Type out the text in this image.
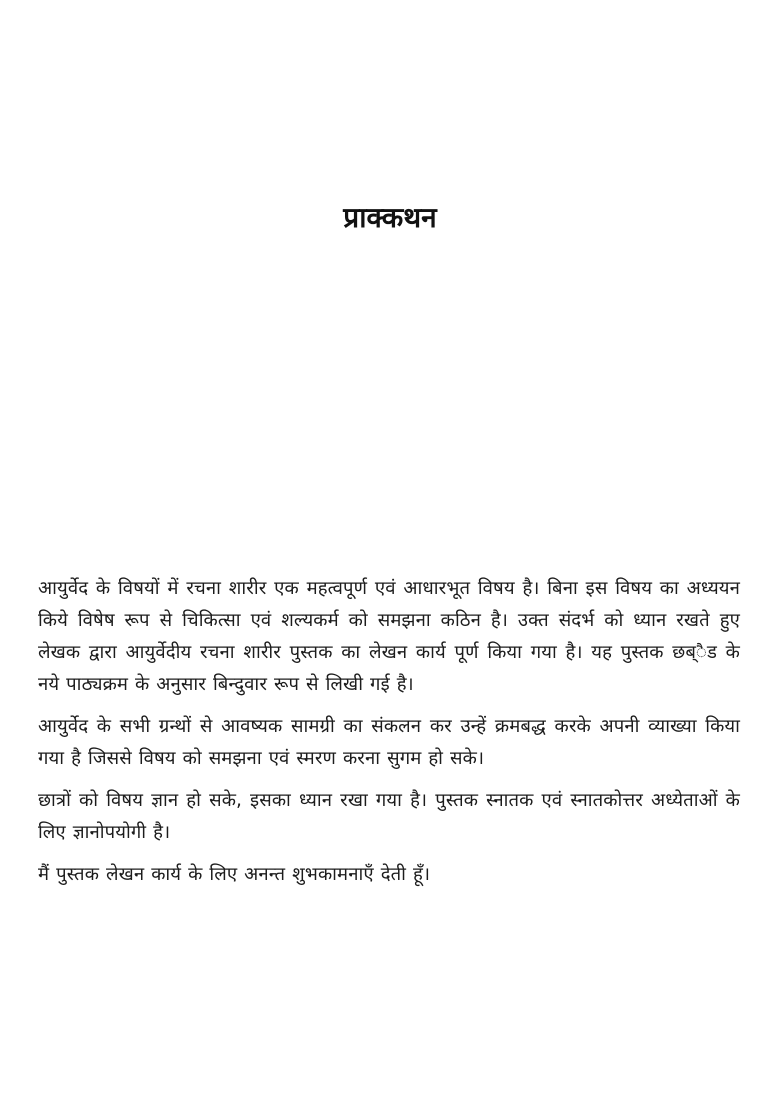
प्राक्कथन

आयुर्वेद के विषयों में रचना शारीर एक महत्वपूर्ण एवं आधारभूत विषय है। बिना इस विषय का अध्ययन किये विषेष रूप से चिकित्सा एवं शल्यकर्म को समझना कठिन है। उक्त संदर्भ को ध्यान रखते हुए लेखक द्वारा आयुर्वेदीय रचना शारीर पुस्तक का लेखन कार्य पूर्ण किया गया है। यह पुस्तक छब्ैड के नये पाठ्यक्रम के अनुसार बिन्दुवार रूप से लिखी गई है।

आयुर्वेद के सभी ग्रन्थों से आवष्यक सामग्री का संकलन कर उन्हें क्रमबद्ध करके अपनी व्याख्या किया गया है जिससे विषय को समझना एवं स्मरण करना सुगम हो सके।

छात्रों को विषय ज्ञान हो सके, इसका ध्यान रखा गया है। पुस्तक स्नातक एवं स्नातकोत्तर अध्येताओं के लिए ज्ञानोपयोगी है।

मैं पुस्तक लेखन कार्य के लिए अनन्त शुभकामनाएँ देती हूँ।
